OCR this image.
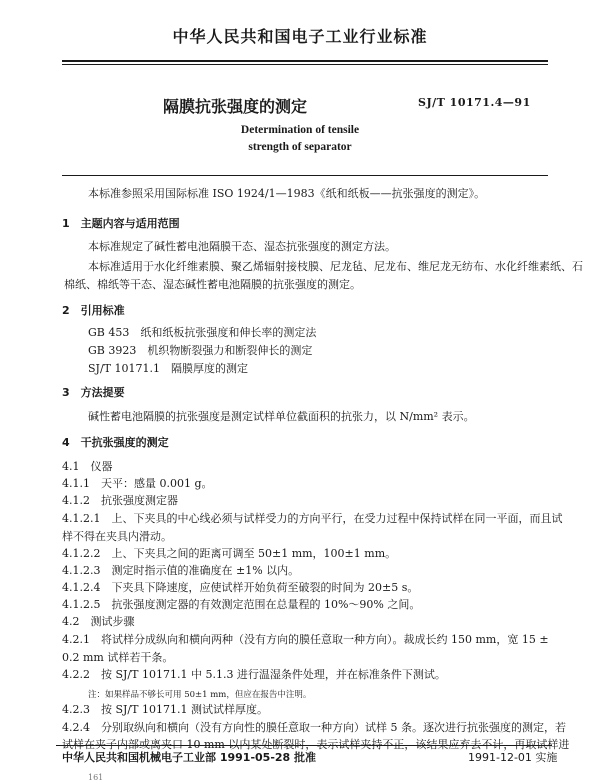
中华人民共和国电子工业行业标准
隔膜抗张强度的测定	SJ/T 10171.4—91
Determination of tensile
strength of separator
本标准参照采用国际标准 ISO 1924/1—1983《纸和纸板——抗张强度的测定》。
1　主题内容与适用范围
本标准规定了碱性蓄电池隔膜干态、湿态抗张强度的测定方法。
本标准适用于水化纤维素膜、聚乙烯辐射接枝膜、尼龙毡、尼龙布、维尼龙无纺布、水化纤维素纸、石
棉纸、棉纸等干态、湿态碱性蓄电池隔膜的抗张强度的测定。
2　引用标准
GB 453　纸和纸板抗张强度和伸长率的测定法
GB 3923　机织物断裂强力和断裂伸长的测定
SJ/T 10171.1　隔膜厚度的测定
3　方法提要
碱性蓄电池隔膜的抗张强度是测定试样单位截面积的抗张力，以 N/mm² 表示。
4　干抗张强度的测定
4.1　仪器
4.1.1　天平：感量 0.001 g。
4.1.2　抗张强度测定器
4.1.2.1　上、下夹具的中心线必须与试样受力的方向平行，在受力过程中保持试样在同一平面，而且试
样不得在夹具内滑动。
4.1.2.2　上、下夹具之间的距离可调至 50±1 mm，100±1 mm。
4.1.2.3　测定时指示值的准确度在 ±1% 以内。
4.1.2.4　下夹具下降速度，应使试样开始负荷至破裂的时间为 20±5 s。
4.1.2.5　抗张强度测定器的有效测定范围在总量程的 10%～90% 之间。
4.2　测试步骤
4.2.1　将试样分成纵向和横向两种（没有方向的膜任意取一种方向）。裁成长约 150 mm，宽 15 ±
0.2 mm 试样若干条。
4.2.2　按 SJ/T 10171.1 中 5.1.3 进行温湿条件处理，并在标准条件下测试。
注：如果样品不够长可用 50±1 mm，但应在报告中注明。
4.2.3　按 SJ/T 10171.1 测试试样厚度。
4.2.4　分别取纵向和横向（没有方向性的膜任意取一种方向）试样 5 条。逐次进行抗张强度的测定，若
试样在夹子内部或离夹口 10 mm 以内某处断裂时，表示试样夹持不正，该结果应弃去不计，再取试样进
中华人民共和国机械电子工业部 1991-05-28 批准	1991-12-01 实施
161
